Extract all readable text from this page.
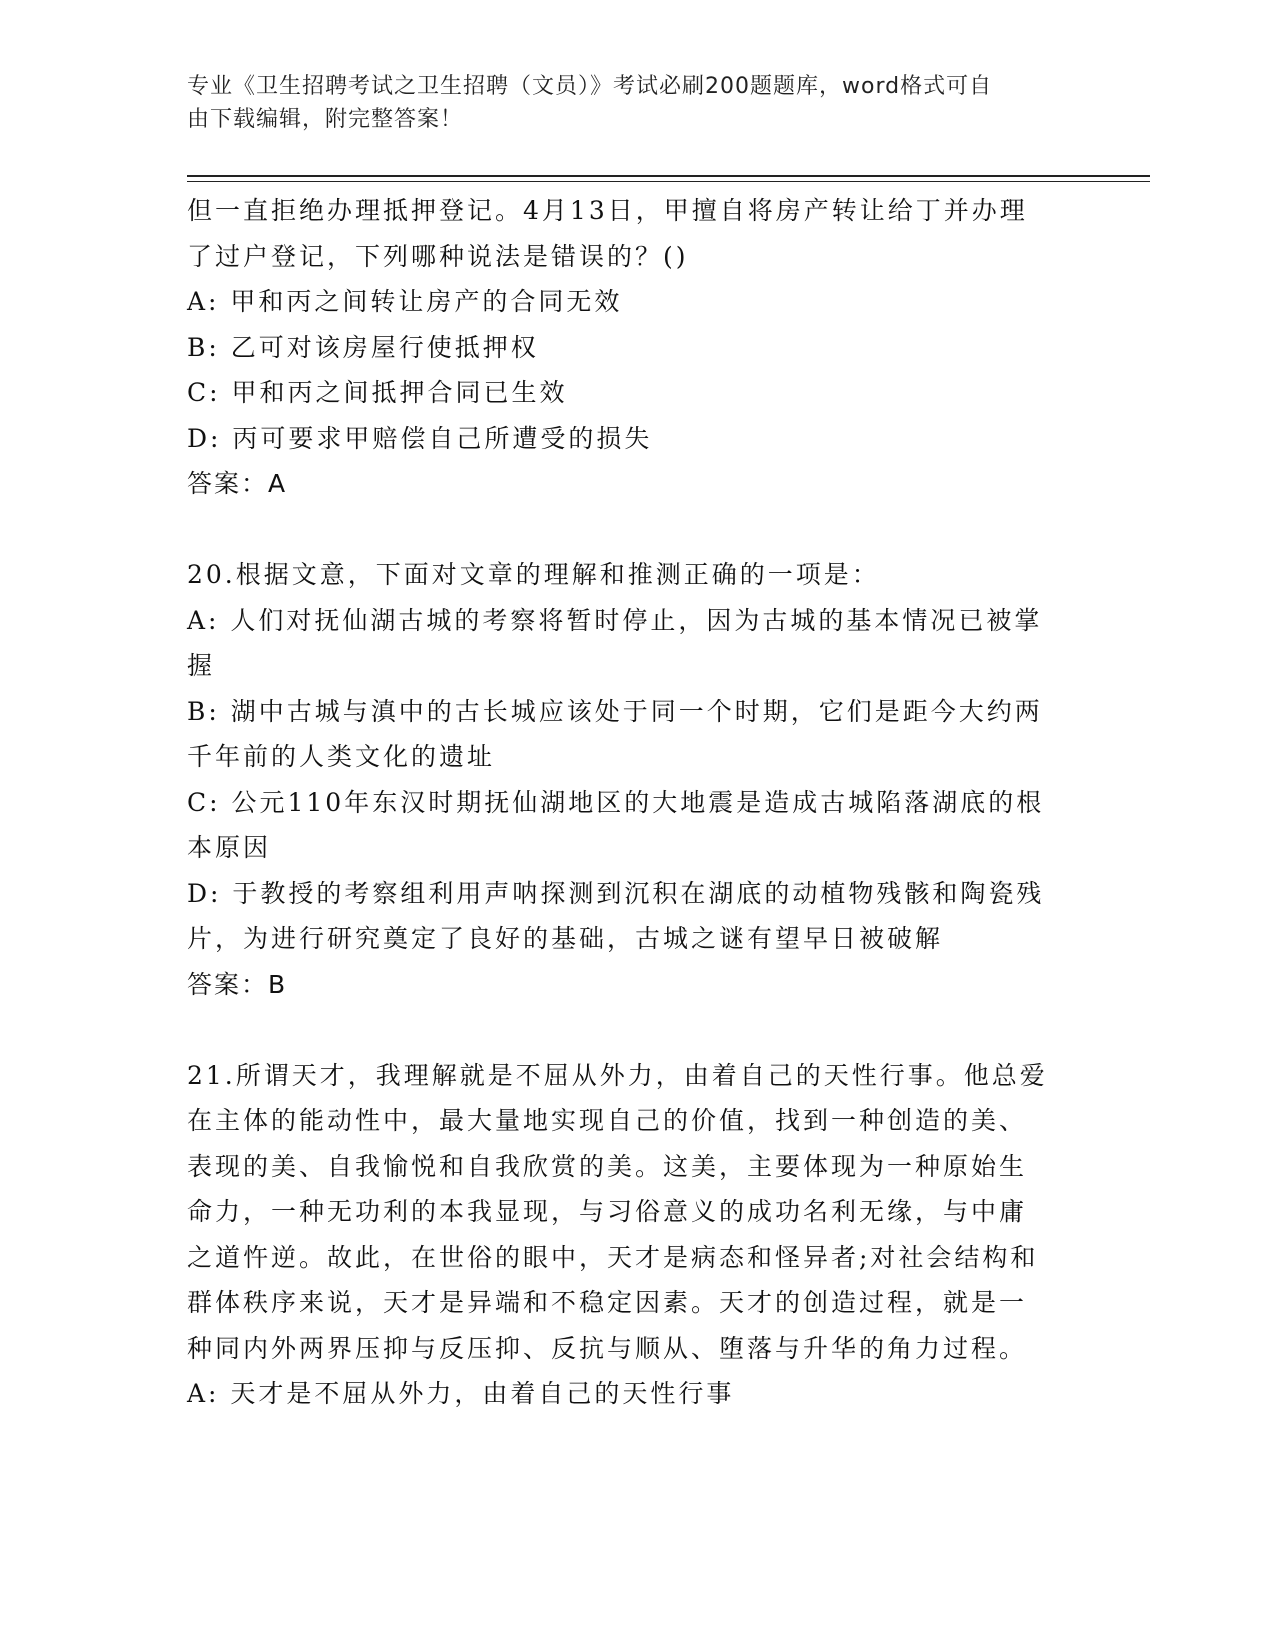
专业《卫生招聘考试之卫生招聘（文员）》考试必刷200题题库，word格式可自
由下载编辑，附完整答案！
但一直拒绝办理抵押登记。4月13日，甲擅自将房产转让给丁并办理
了过户登记，下列哪种说法是错误的？()
A: 甲和丙之间转让房产的合同无效
B: 乙可对该房屋行使抵押权
C: 甲和丙之间抵押合同已生效
D: 丙可要求甲赔偿自己所遭受的损失
答案：A
20.根据文意，下面对文章的理解和推测正确的一项是：
A: 人们对抚仙湖古城的考察将暂时停止，因为古城的基本情况已被掌
握
B: 湖中古城与滇中的古长城应该处于同一个时期，它们是距今大约两
千年前的人类文化的遗址
C: 公元110年东汉时期抚仙湖地区的大地震是造成古城陷落湖底的根
本原因
D: 于教授的考察组利用声呐探测到沉积在湖底的动植物残骸和陶瓷残
片，为进行研究奠定了良好的基础，古城之谜有望早日被破解
答案：B
21.所谓天才，我理解就是不屈从外力，由着自己的天性行事。他总爱
在主体的能动性中，最大量地实现自己的价值，找到一种创造的美、
表现的美、自我愉悦和自我欣赏的美。这美，主要体现为一种原始生
命力，一种无功利的本我显现，与习俗意义的成功名利无缘，与中庸
之道忤逆。故此，在世俗的眼中，天才是病态和怪异者;对社会结构和
群体秩序来说，天才是异端和不稳定因素。天才的创造过程，就是一
种同内外两界压抑与反压抑、反抗与顺从、堕落与升华的角力过程。
A: 天才是不屈从外力，由着自己的天性行事
